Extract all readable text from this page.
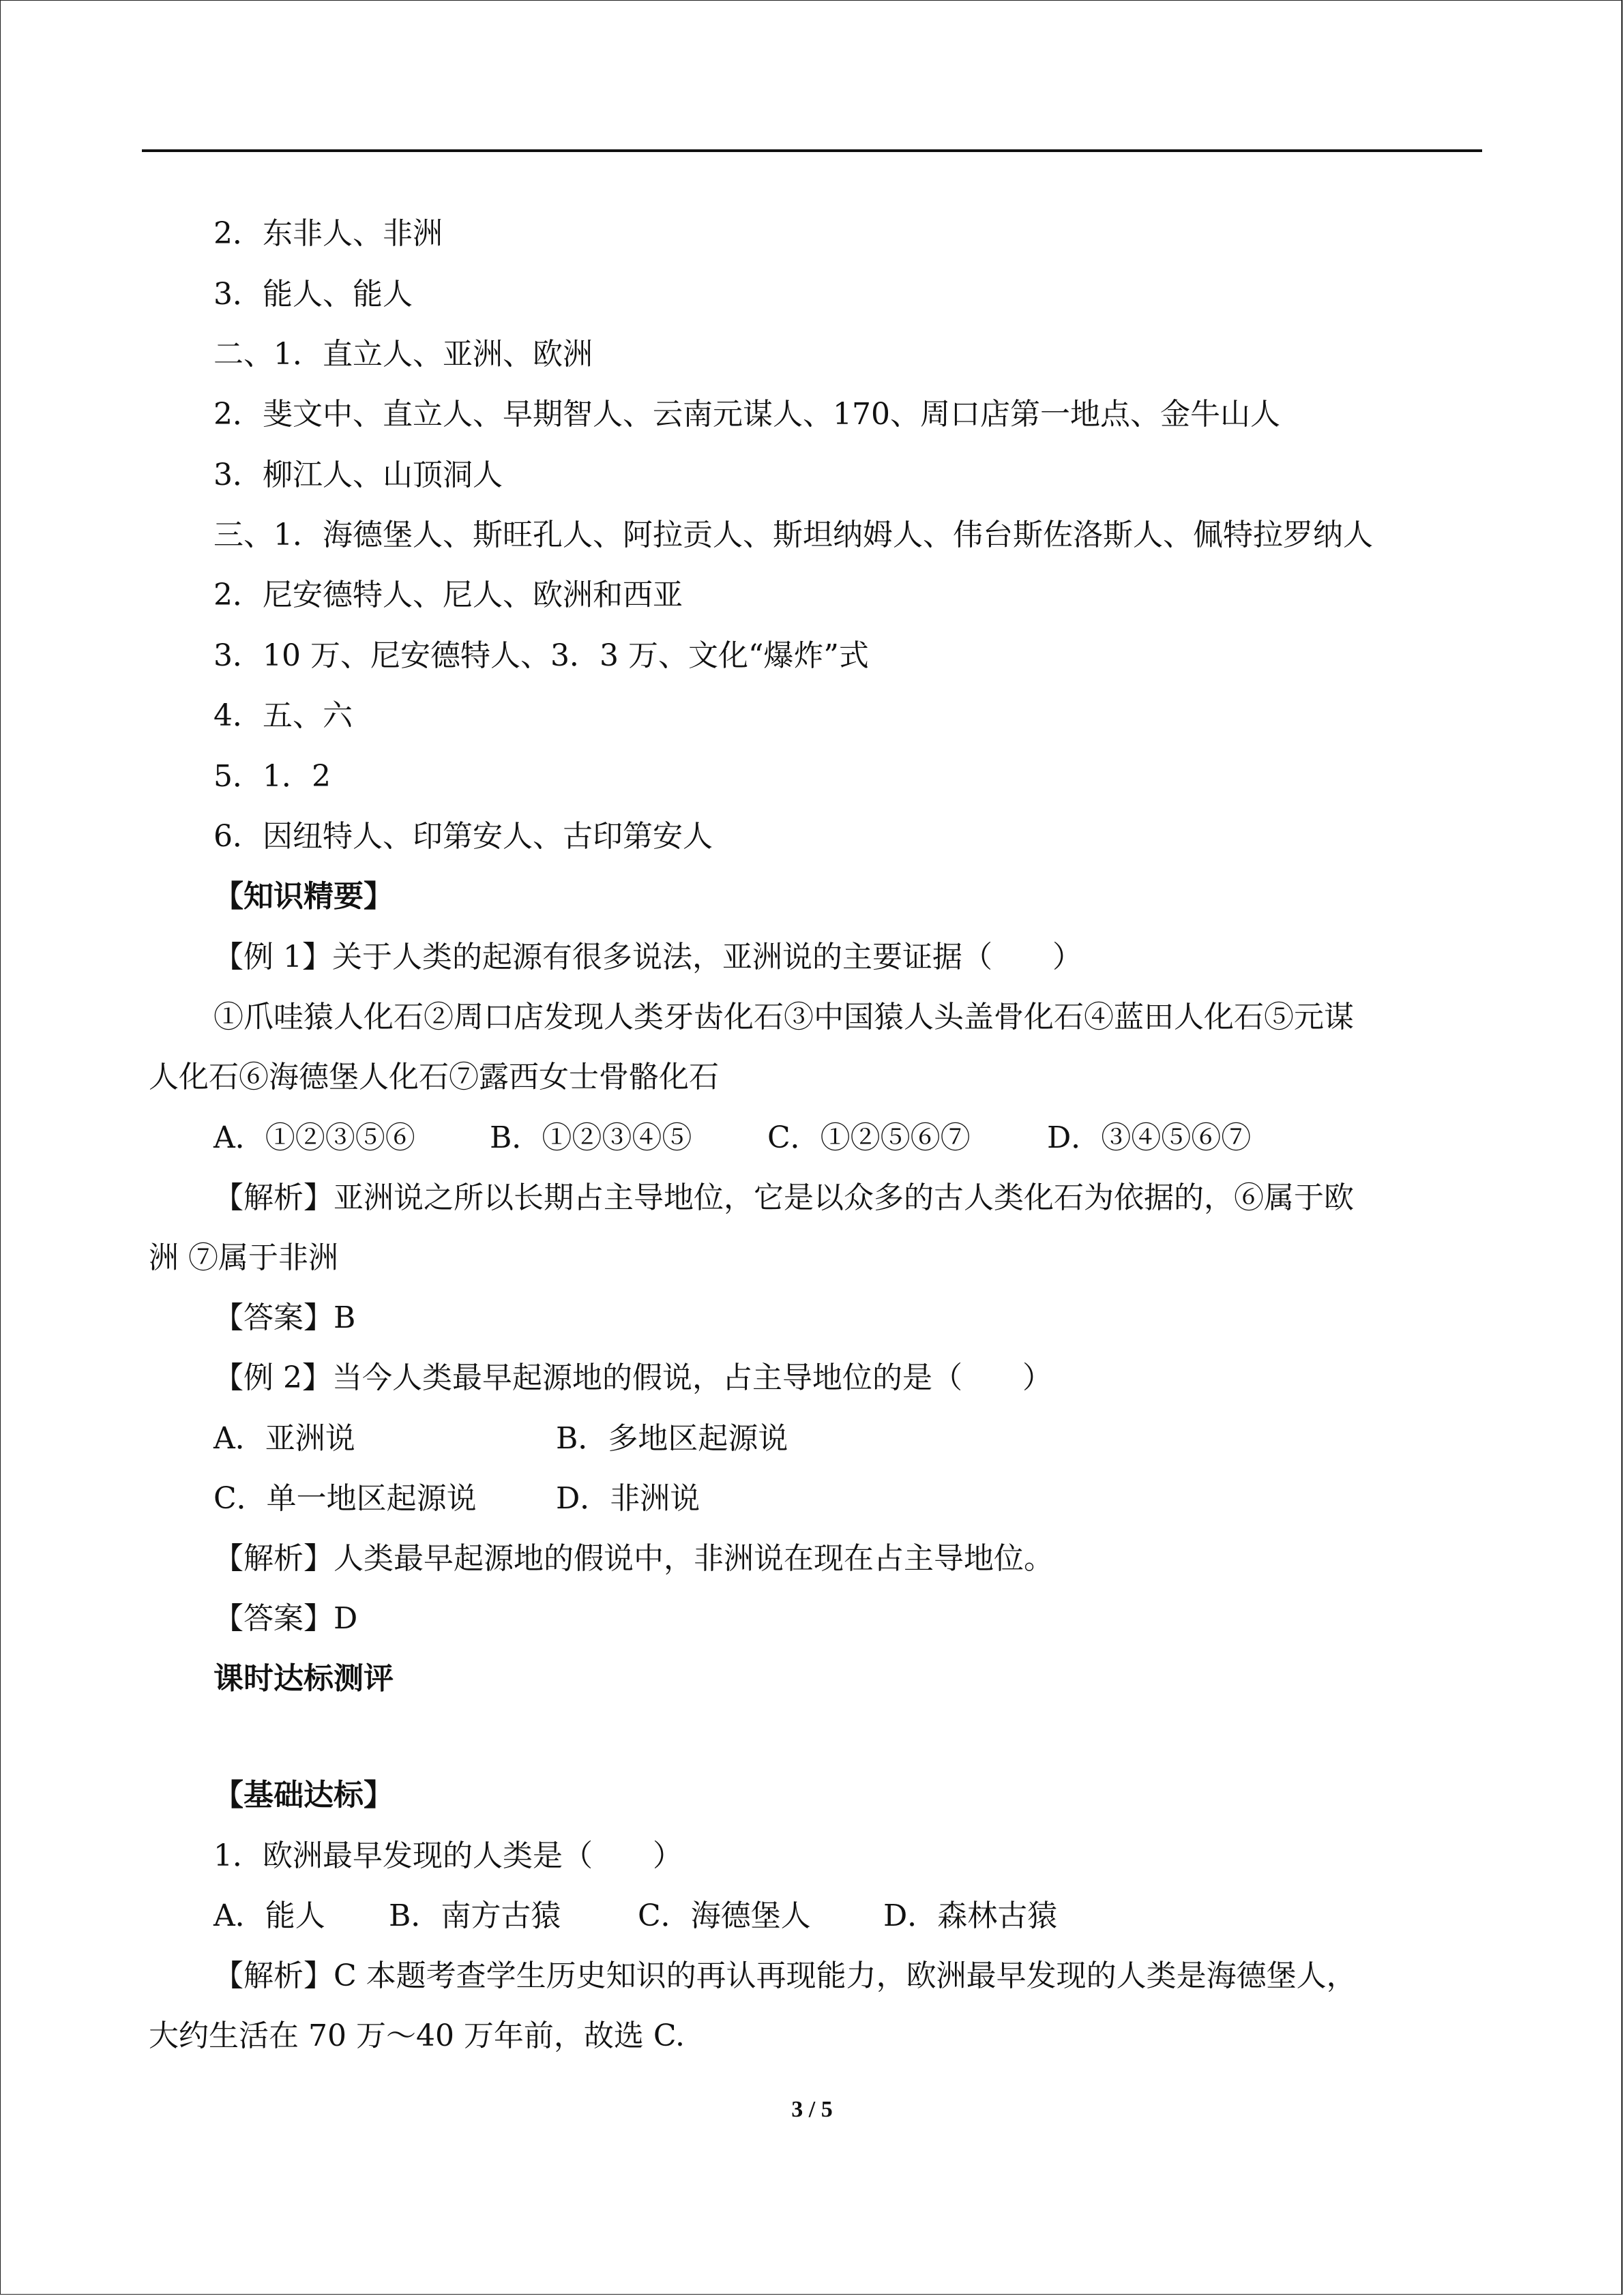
2．东非人、非洲
3．能人、能人
二、1．直立人、亚洲、欧洲
2．斐文中、直立人、早期智人、云南元谋人、170、周口店第一地点、金牛山人
3．柳江人、山顶洞人
三、1．海德堡人、斯旺孔人、阿拉贡人、斯坦纳姆人、伟台斯佐洛斯人、佩特拉罗纳人
2．尼安德特人、尼人、欧洲和西亚
3．10 万、尼安德特人、3．3 万、文化“爆炸”式
4．五、六
5．1．2
6．因纽特人、印第安人、古印第安人
【知识精要】
【例 1】关于人类的起源有很多说法，亚洲说的主要证据（　　）
①爪哇猿人化石②周口店发现人类牙齿化石③中国猿人头盖骨化石④蓝田人化石⑤元谋
人化石⑥海德堡人化石⑦露西女士骨骼化石
A．①②③⑤⑥ B．①②③④⑤	C．①②⑤⑥⑦	D．③④⑤⑥⑦
【解析】亚洲说之所以长期占主导地位，它是以众多的古人类化石为依据的，⑥属于欧
洲 ⑦属于非洲
【答案】B
【例 2】当今人类最早起源地的假说，占主导地位的是（　　）
A．亚洲说	B．多地区起源说
C．单一地区起源说	D．非洲说
【解析】人类最早起源地的假说中，非洲说在现在占主导地位。
【答案】D
课时达标测评
【基础达标】
1．欧洲最早发现的人类是（　　）
A．能人 B．南方古猿	C．海德堡人 D．森林古猿
【解析】C 本题考查学生历史知识的再认再现能力，欧洲最早发现的人类是海德堡人，
大约生活在 70 万～40 万年前，故选 C.
3 / 5
